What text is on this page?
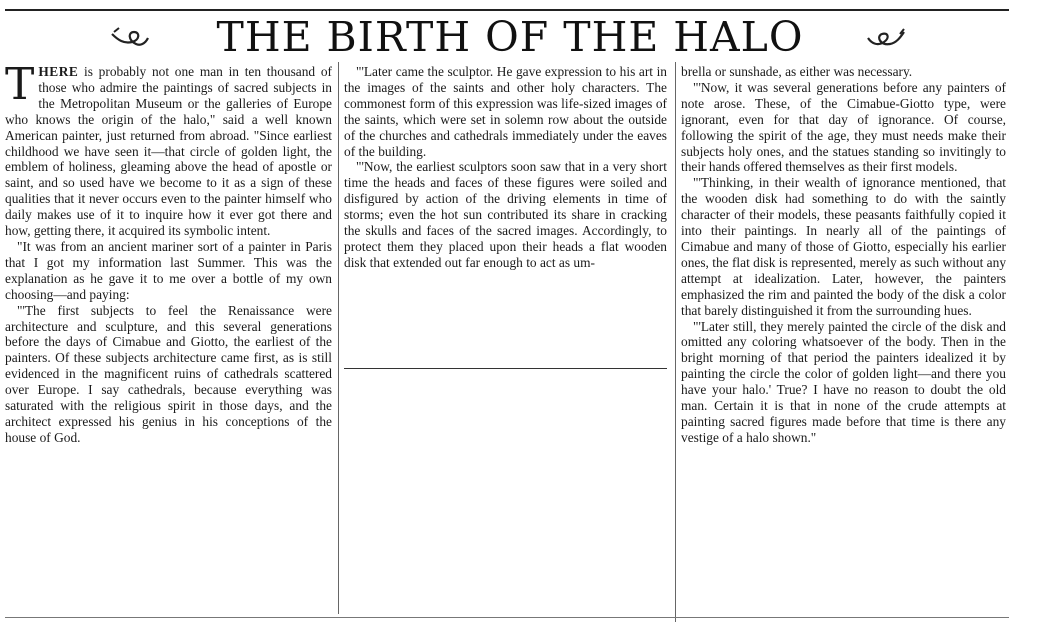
THE BIRTH OF THE HALO

THERE is probably not one man in ten thousand of those who admire the paintings of sacred subjects in the Metropolitan Museum or the galleries of Europe who knows the origin of the halo," said a well known American painter, just returned from abroad. "Since earliest childhood we have seen it—that circle of golden light, the emblem of holiness, gleaming above the head of apostle or saint, and so used have we become to it as a sign of these qualities that it never occurs even to the painter himself who daily makes use of it to inquire how it ever got there and how, getting there, it acquired its symbolic intent.

"It was from an ancient mariner sort of a painter in Paris that I got my information last Summer. This was the explanation as he gave it to me over a bottle of my own choosing—and paying:

"'The first subjects to feel the Renaissance were architecture and sculpture, and this several generations before the days of Cimabue and Giotto, the earliest of the painters. Of these subjects architecture came first, as is still evidenced in the magnificent ruins of cathedrals scattered over Europe. I say cathedrals, because everything was saturated with the religious spirit in those days, and the architect expressed his genius in his conceptions of the house of God.

"'Later came the sculptor. He gave expression to his art in the images of the saints and other holy characters. The commonest form of this expression was life-sized images of the saints, which were set in solemn row about the outside of the churches and cathedrals immediately under the eaves of the building.

"'Now, the earliest sculptors soon saw that in a very short time the heads and faces of these figures were soiled and disfigured by action of the driving elements in time of storms; even the hot sun contributed its share in cracking the skulls and faces of the sacred images. Accordingly, to protect them they placed upon their heads a flat wooden disk that extended out far enough to act as um-

brella or sunshade, as either was necessary.

"'Now, it was several generations before any painters of note arose. These, of the Cimabue-Giotto type, were ignorant, even for that day of ignorance. Of course, following the spirit of the age, they must needs make their subjects holy ones, and the statues standing so invitingly to their hands offered themselves as their first models.

"'Thinking, in their wealth of ignorance mentioned, that the wooden disk had something to do with the saintly character of their models, these peasants faithfully copied it into their paintings. In nearly all of the paintings of Cimabue and many of those of Giotto, especially his earlier ones, the flat disk is represented, merely as such without any attempt at idealization. Later, however, the painters emphasized the rim and painted the body of the disk a color that barely distinguished it from the surrounding hues.

"'Later still, they merely painted the circle of the disk and omitted any coloring whatsoever of the body. Then in the bright morning of that period the painters idealized it by painting the circle the color of golden light—and there you have your halo.' True? I have no reason to doubt the old man. Certain it is that in none of the crude attempts at painting sacred figures made before that time is there any vestige of a halo shown."
